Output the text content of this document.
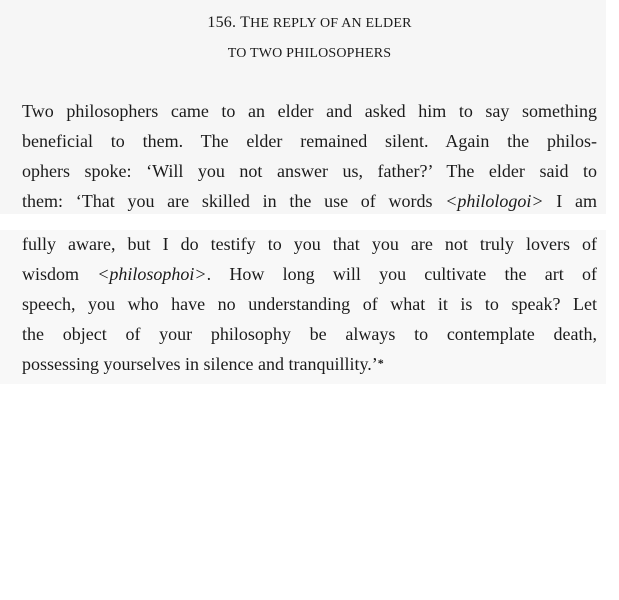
156. THE REPLY OF AN ELDER
TO TWO PHILOSOPHERS
Two philosophers came to an elder and asked him to say something
beneficial to them. The elder remained silent. Again the philos-
ophers spoke: ‘Will you not answer us, father?’ The elder said to
them: ‘That you are skilled in the use of words <philologoi> I am
fully aware, but I do testify to you that you are not truly lovers of
wisdom <philosophoi>. How long will you cultivate the art of
speech, you who have no understanding of what it is to speak? Let
the object of your philosophy be always to contemplate death,
possessing yourselves in silence and tranquillity.’*
